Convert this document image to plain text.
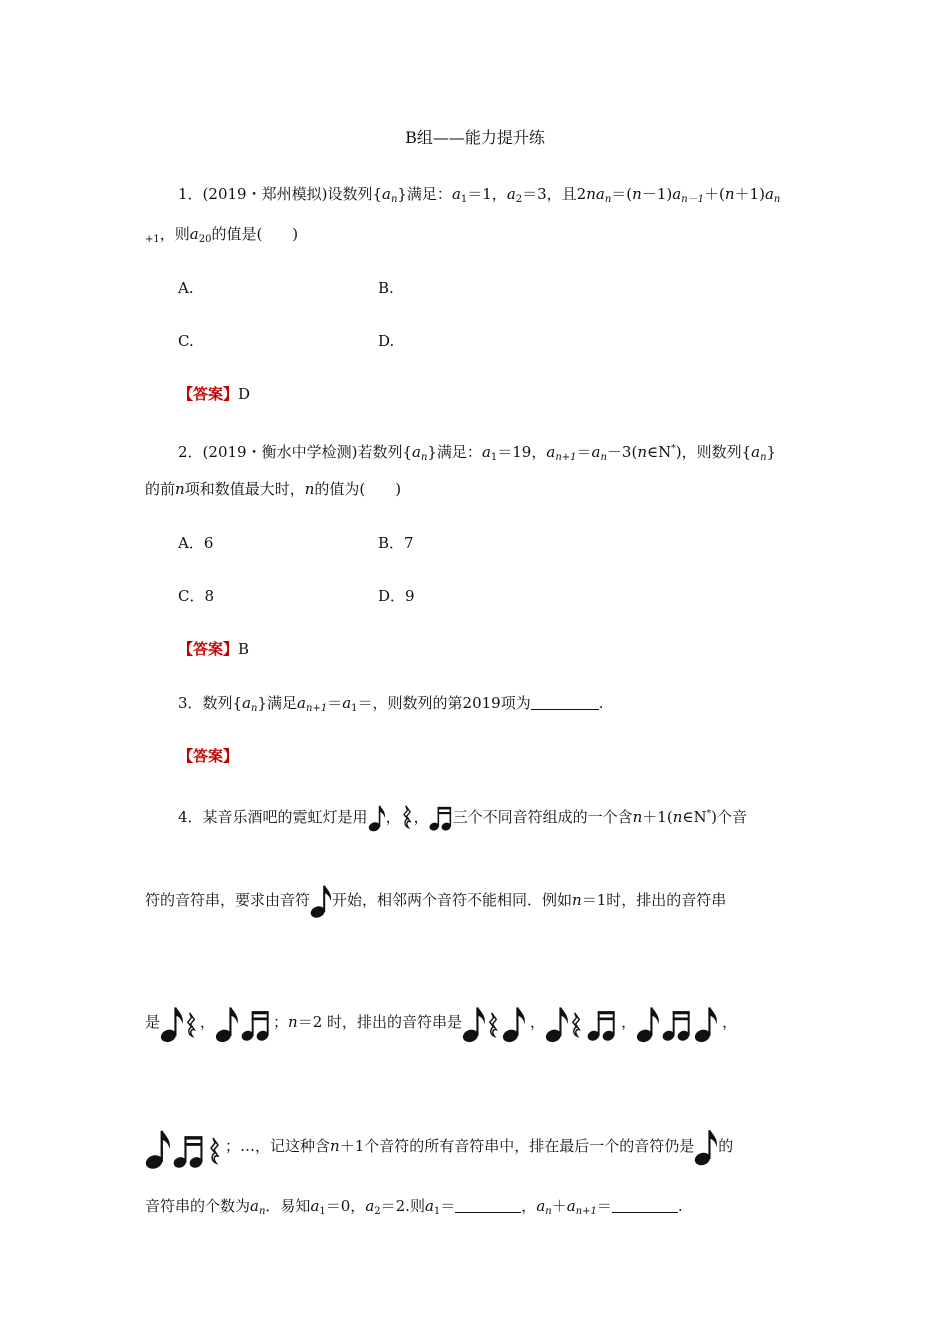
B组——能力提升练
1．(2019・郑州模拟)设数列$\{a_n\}$满足：$a_1=1$，$a_2=3$，且$2na_n=(n-1)a_{n-1}+(n+1)a_n$
$_{+1}$，则$a_{20}$的值是(　　)
A.	B.
C.	D.
【答案】D
2．(2019・衡水中学检测)若数列$\{a_n\}$满足：$a_1=19$，$a_{n+1}=a_n-3(n\in N^*)$，则数列$\{a_n\}$
的前n项和数值最大时，n的值为(　　)
A．6	B．7
C．8	D．9
【答案】B
3．数列$\{a_n\}$满足$a_{n+1}=a_1=$，则数列的第2019项为	.
【答案】
4．某音乐酒吧的霓虹灯是用 ， ， 三个不同音符组成的一个含n＋1(n∈N*)个音
符的音符串，要求由音符 开始，相邻两个音符不能相同．例如n＝1时，排出的音符串
是	，	；n＝2 时，排出的音符串是	，	，	，
；…，记这种含n＋1个音符的所有音符串中，排在最后一个的音符仍是 的
音符串的个数为$a_n$．易知$a_1=0$，$a_2=2$.则$a_1=$	，$a_n+a_{n+1}=$	.
